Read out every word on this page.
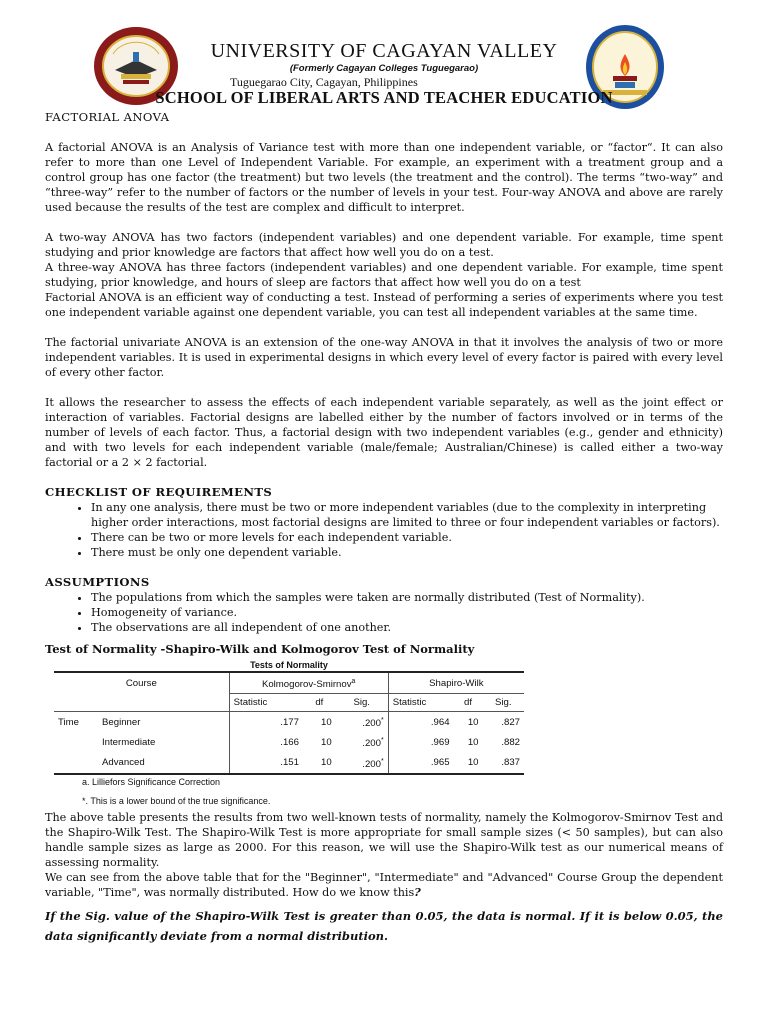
UNIVERSITY OF CAGAYAN VALLEY
(Formerly Cagayan Colleges Tuguegarao)
Tuguegarao City, Cagayan, Philippines
SCHOOL OF LIBERAL ARTS AND TEACHER EDUCATION
FACTORIAL ANOVA

A factorial ANOVA is an Analysis of Variance test with more than one independent variable, or “factor“. It can also refer to more than one Level of Independent Variable. For example, an experiment with a treatment group and a control group has one factor (the treatment) but two levels (the treatment and the control). The terms “two-way” and “three-way” refer to the number of factors or the number of levels in your test. Four-way ANOVA and above are rarely used because the results of the test are complex and difficult to interpret.

A two-way ANOVA has two factors (independent variables) and one dependent variable. For example, time spent studying and prior knowledge are factors that affect how well you do on a test.

A three-way ANOVA has three factors (independent variables) and one dependent variable. For example, time spent studying, prior knowledge, and hours of sleep are factors that affect how well you do on a test

Factorial ANOVA is an efficient way of conducting a test. Instead of performing a series of experiments where you test one independent variable against one dependent variable, you can test all independent variables at the same time.

The factorial univariate ANOVA is an extension of the one-way ANOVA in that it involves the analysis of two or more independent variables. It is used in experimental designs in which every level of every factor is paired with every level of every other factor.

It allows the researcher to assess the effects of each independent variable separately, as well as the joint effect or interaction of variables. Factorial designs are labelled either by the number of factors involved or in terms of the number of levels of each factor. Thus, a factorial design with two independent variables (e.g., gender and ethnicity) and with two levels for each independent variable (male/female; Australian/Chinese) is called either a two-way factorial or a 2 × 2 factorial.

CHECKLIST OF REQUIREMENTS
• In any one analysis, there must be two or more independent variables (due to the complexity in interpreting higher order interactions, most factorial designs are limited to three or four independent variables or factors).
• There can be two or more levels for each independent variable.
• There must be only one dependent variable.
ASSUMPTIONS
• The populations from which the samples were taken are normally distributed (Test of Normality).
• Homogeneity of variance.
• The observations are all independent of one another.
Test of Normality -Shapiro-Wilk and Kolmogorov Test of Normality
Tests of Normality
Course		Kolmogorov-Smirnov$^a$			Shapiro-Wilk		
		Statistic	df	Sig.	Statistic	df	Sig.
Time	Beginner	.177	10	.200*	.964	10	.827
	Intermediate	.166	10	.200*	.969	10	.882
	Advanced	.151	10	.200*	.965	10	.837
a. Lilliefors Significance Correction
*. This is a lower bound of the true significance.

The above table presents the results from two well-known tests of normality, namely the Kolmogorov-Smirnov Test and the Shapiro-Wilk Test. The Shapiro-Wilk Test is more appropriate for small sample sizes (< 50 samples), but can also handle sample sizes as large as 2000. For this reason, we will use the Shapiro-Wilk test as our numerical means of assessing normality.

We can see from the above table that for the "Beginner", "Intermediate" and "Advanced" Course Group the dependent variable, "Time", was normally distributed. How do we know this?

If the Sig. value of the Shapiro-Wilk Test is greater than 0.05, the data is normal. If it is below 0.05, the data significantly deviate from a normal distribution.
